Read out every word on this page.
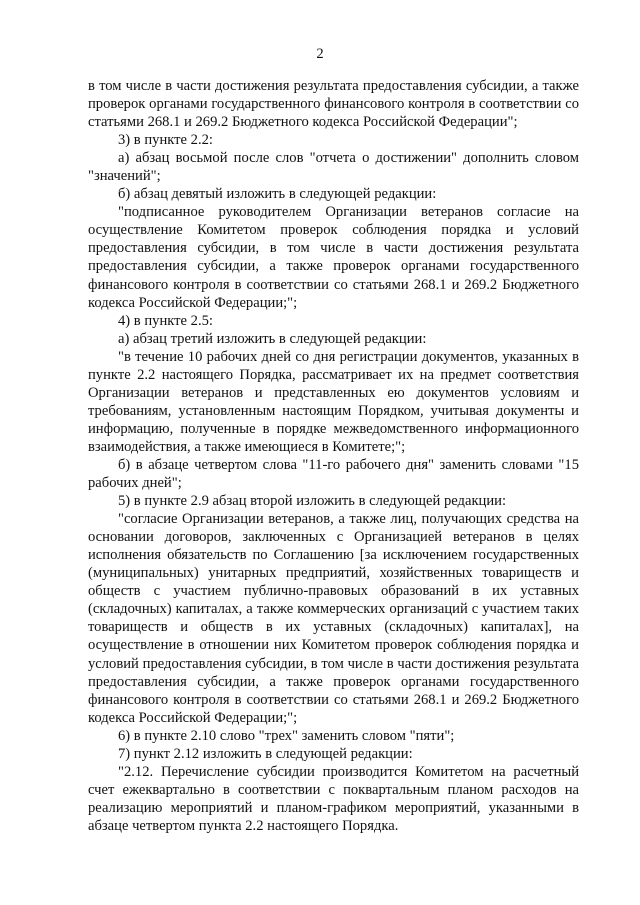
2

в том числе в части достижения результата предоставления субсидии, а также проверок органами государственного финансового контроля в соответствии со статьями 268.1 и 269.2 Бюджетного кодекса Российской Федерации";

3) в пункте 2.2:

а) абзац восьмой после слов "отчета о достижении" дополнить словом "значений";

б) абзац девятый изложить в следующей редакции:

"подписанное руководителем Организации ветеранов согласие на осуществление Комитетом проверок соблюдения порядка и условий предоставления субсидии, в том числе в части достижения результата предоставления субсидии, а также проверок органами государственного финансового контроля в соответствии со статьями 268.1 и 269.2 Бюджетного кодекса Российской Федерации;";

4) в пункте 2.5:

а) абзац третий изложить в следующей редакции:

"в течение 10 рабочих дней со дня регистрации документов, указанных в пункте 2.2 настоящего Порядка, рассматривает их на предмет соответствия Организации ветеранов и представленных ею документов условиям и требованиям, установленным настоящим Порядком, учитывая документы и информацию, полученные в порядке межведомственного информационного взаимодействия, а также имеющиеся в Комитете;";

б) в абзаце четвертом слова "11-го рабочего дня" заменить словами "15 рабочих дней";

5) в пункте 2.9 абзац второй изложить в следующей редакции:

"согласие Организации ветеранов, а также лиц, получающих средства на основании договоров, заключенных с Организацией ветеранов в целях исполнения обязательств по Соглашению [за исключением государственных (муниципальных) унитарных предприятий, хозяйственных товариществ и обществ с участием публично-правовых образований в их уставных (складочных) капиталах, а также коммерческих организаций с участием таких товариществ и обществ в их уставных (складочных) капиталах], на осуществление в отношении них Комитетом проверок соблюдения порядка и условий предоставления субсидии, в том числе в части достижения результата предоставления субсидии, а также проверок органами государственного финансового контроля в соответствии со статьями 268.1 и 269.2 Бюджетного кодекса Российской Федерации;";

6) в пункте 2.10 слово "трех" заменить словом "пяти";

7) пункт 2.12 изложить в следующей редакции:

"2.12. Перечисление субсидии производится Комитетом на расчетный счет ежеквартально в соответствии с поквартальным планом расходов на реализацию мероприятий и планом-графиком мероприятий, указанными в абзаце четвертом пункта 2.2 настоящего Порядка.
